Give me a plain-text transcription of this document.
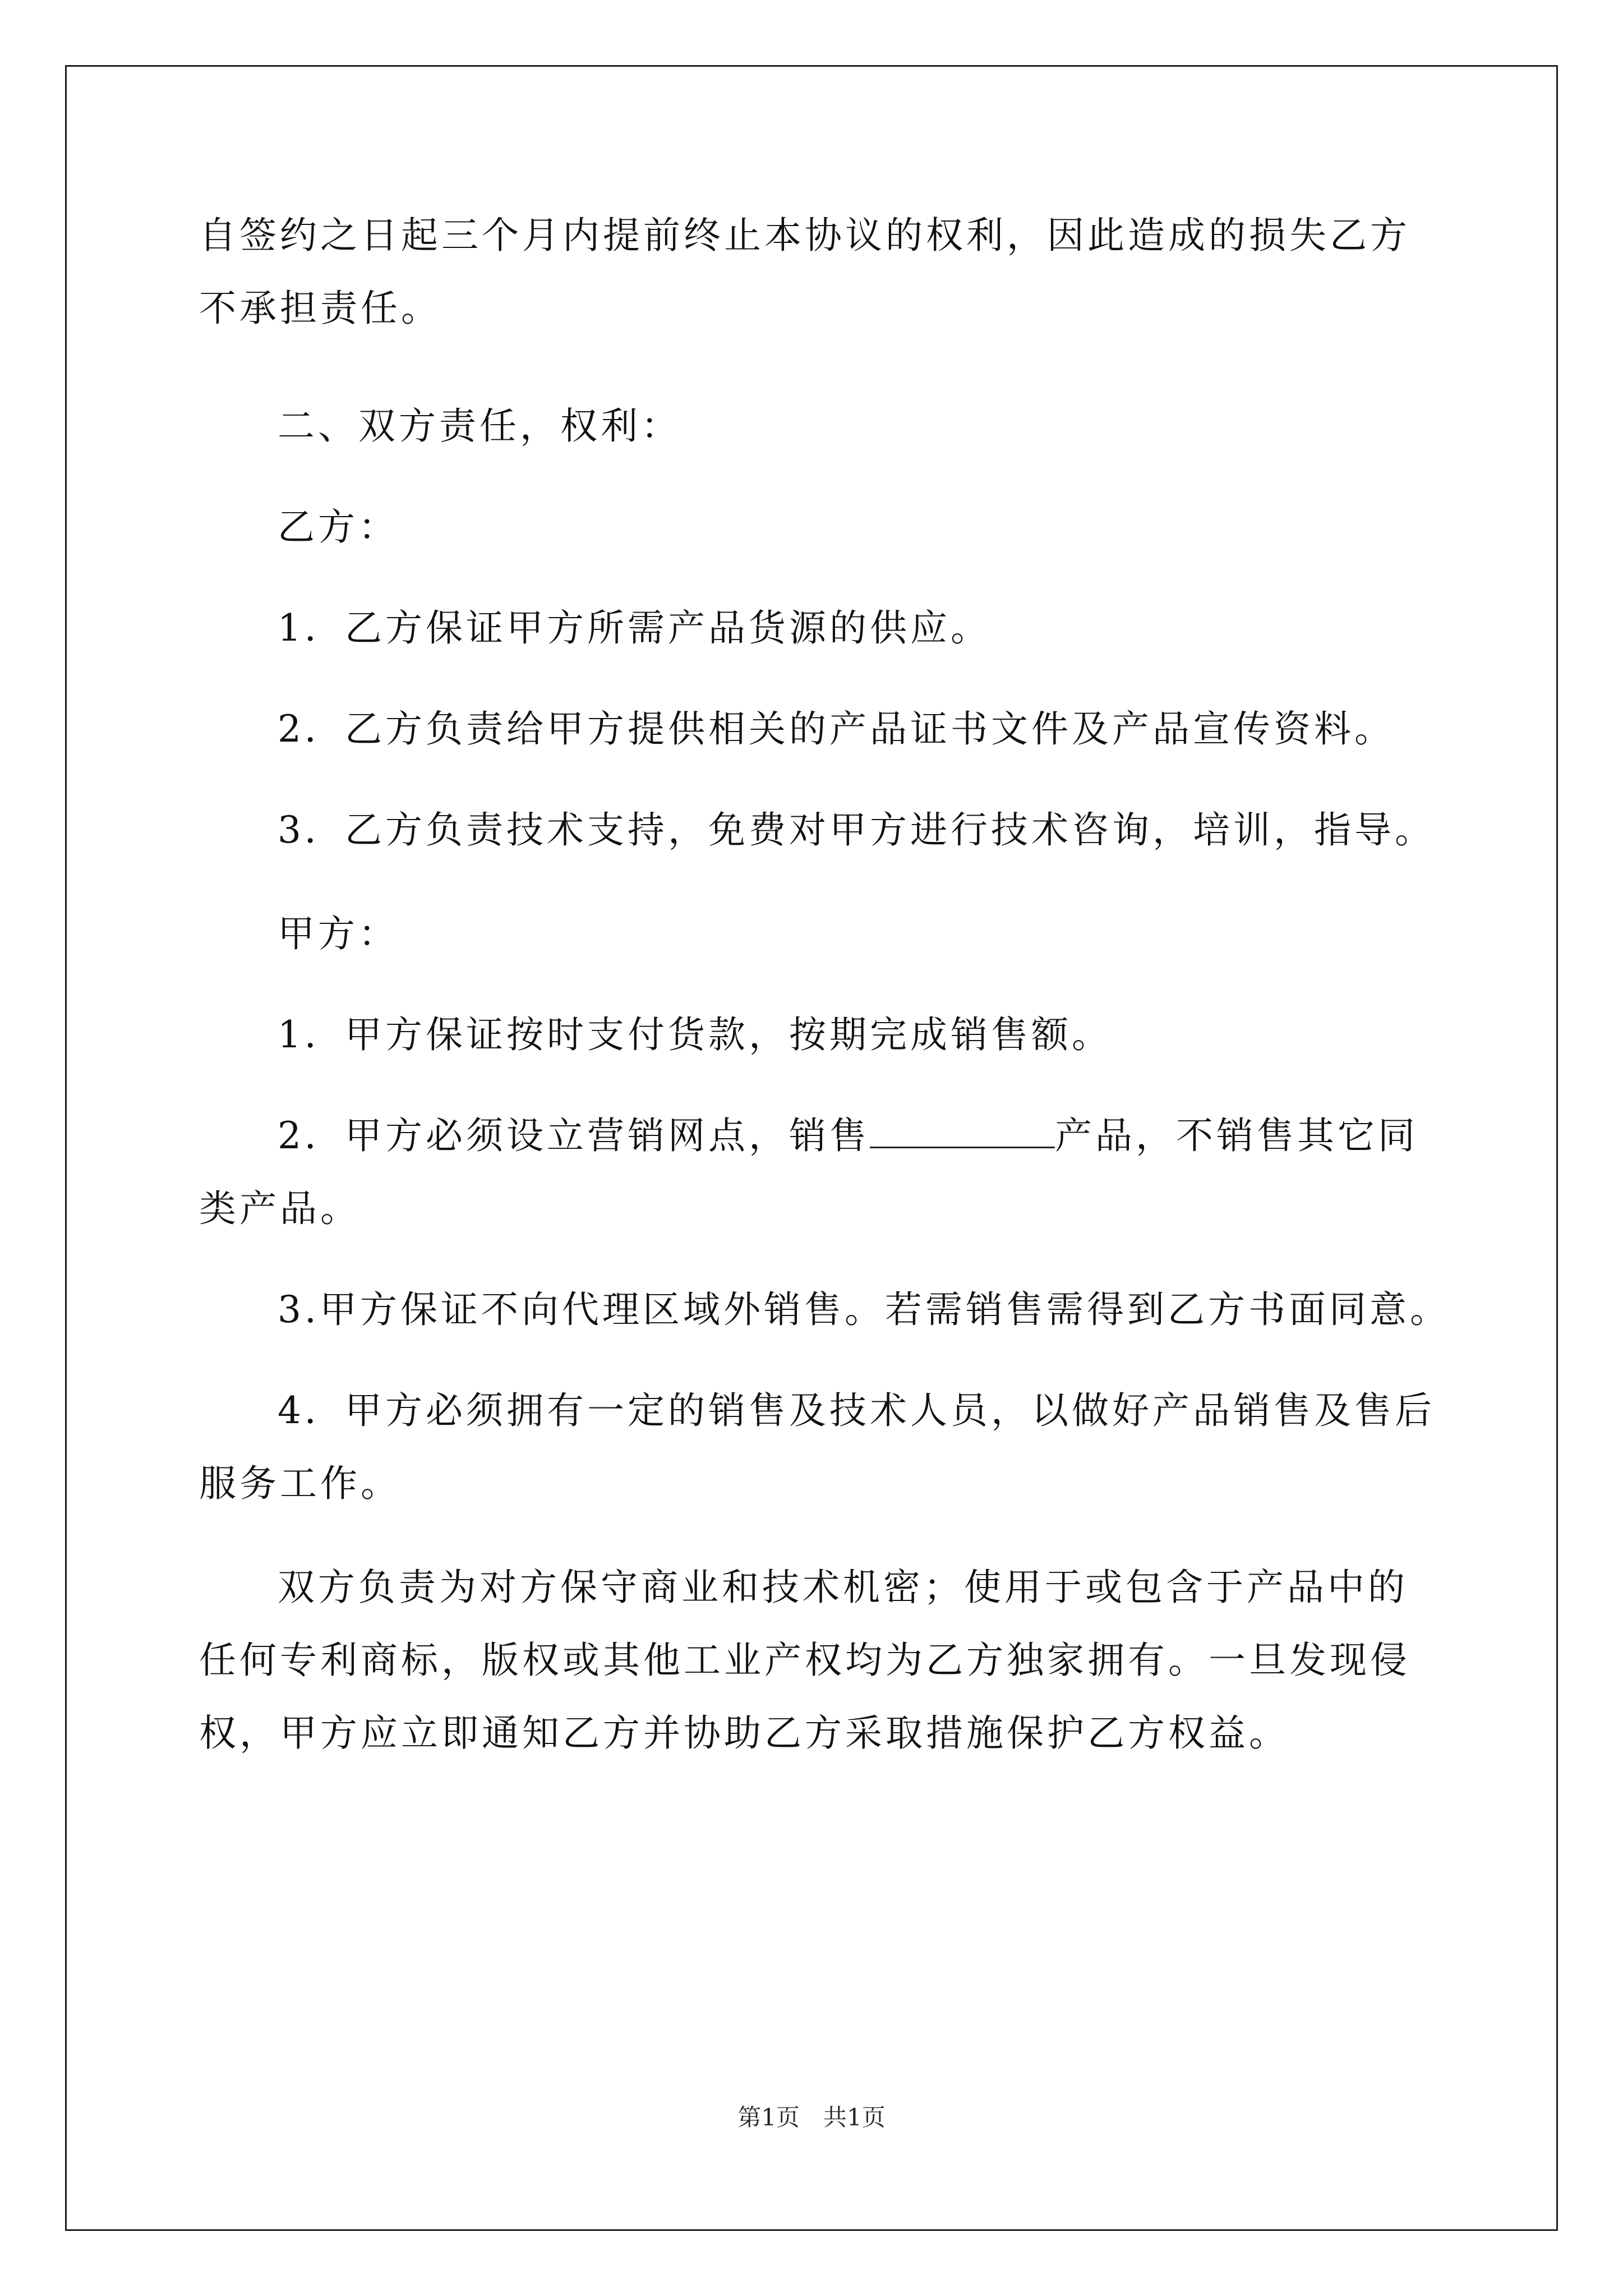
自签约之日起三个月内提前终止本协议的权利，因此造成的损失乙方
不承担责任。
二、双方责任，权利：
乙方：
1．乙方保证甲方所需产品货源的供应。
2．乙方负责给甲方提供相关的产品证书文件及产品宣传资料。
3．乙方负责技术支持，免费对甲方进行技术咨询，培训，指导。
甲方：
1．甲方保证按时支付货款，按期完成销售额。
2．甲方必须设立营销网点，销售	产品，不销售其它同
类产品。
3.甲方保证不向代理区域外销售。若需销售需得到乙方书面同意。
4．甲方必须拥有一定的销售及技术人员，以做好产品销售及售后
服务工作。
双方负责为对方保守商业和技术机密；使用于或包含于产品中的
任何专利商标，版权或其他工业产权均为乙方独家拥有。一旦发现侵
权，甲方应立即通知乙方并协助乙方采取措施保护乙方权益。
第1页　共1页
